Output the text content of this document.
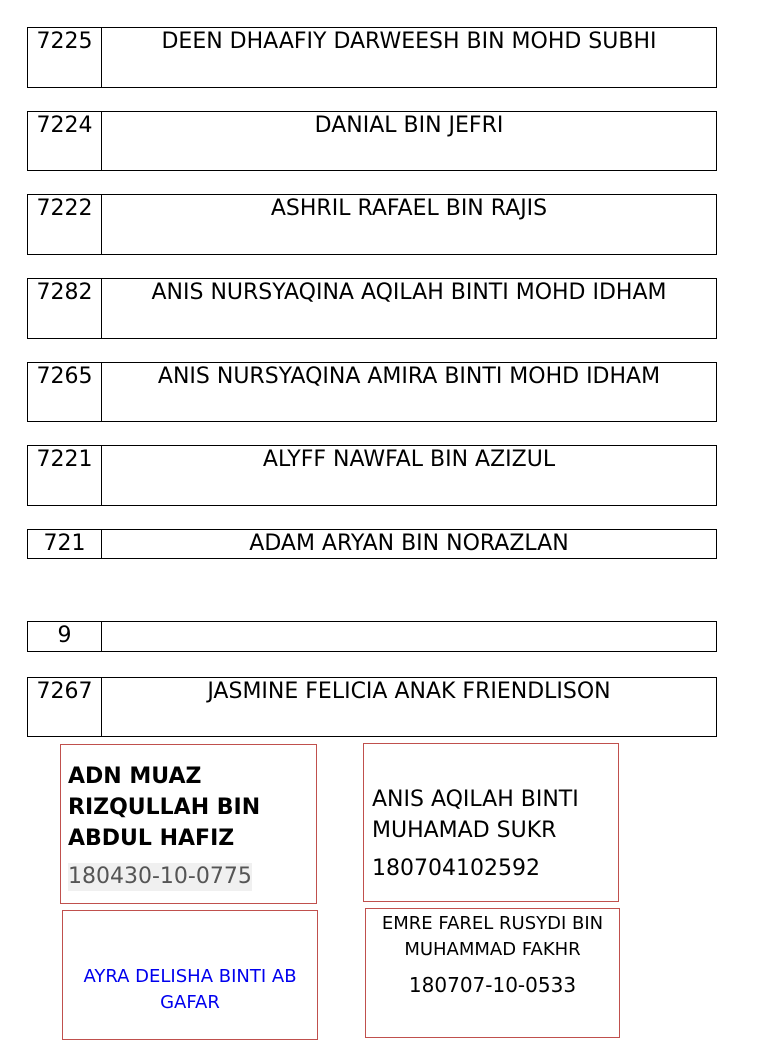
7225	DEEN DHAAFIY DARWEESH BIN MOHD SUBHI
7224	DANIAL BIN JEFRI
7222	ASHRIL RAFAEL BIN RAJIS
7282	ANIS NURSYAQINA AQILAH BINTI MOHD IDHAM
7265	ANIS NURSYAQINA AMIRA BINTI MOHD IDHAM
7221	ALYFF NAWFAL BIN AZIZUL
721	ADAM ARYAN BIN NORAZLAN
9
7267	JASMINE FELICIA ANAK FRIENDLISON
ADN MUAZ RIZQULLAH BIN ABDUL HAFIZ
180430-10-0775
ANIS AQILAH BINTI MUHAMAD SUKR
180704102592
AYRA DELISHA BINTI AB GAFAR
EMRE FAREL RUSYDI BIN MUHAMMAD FAKHR
180707-10-0533
